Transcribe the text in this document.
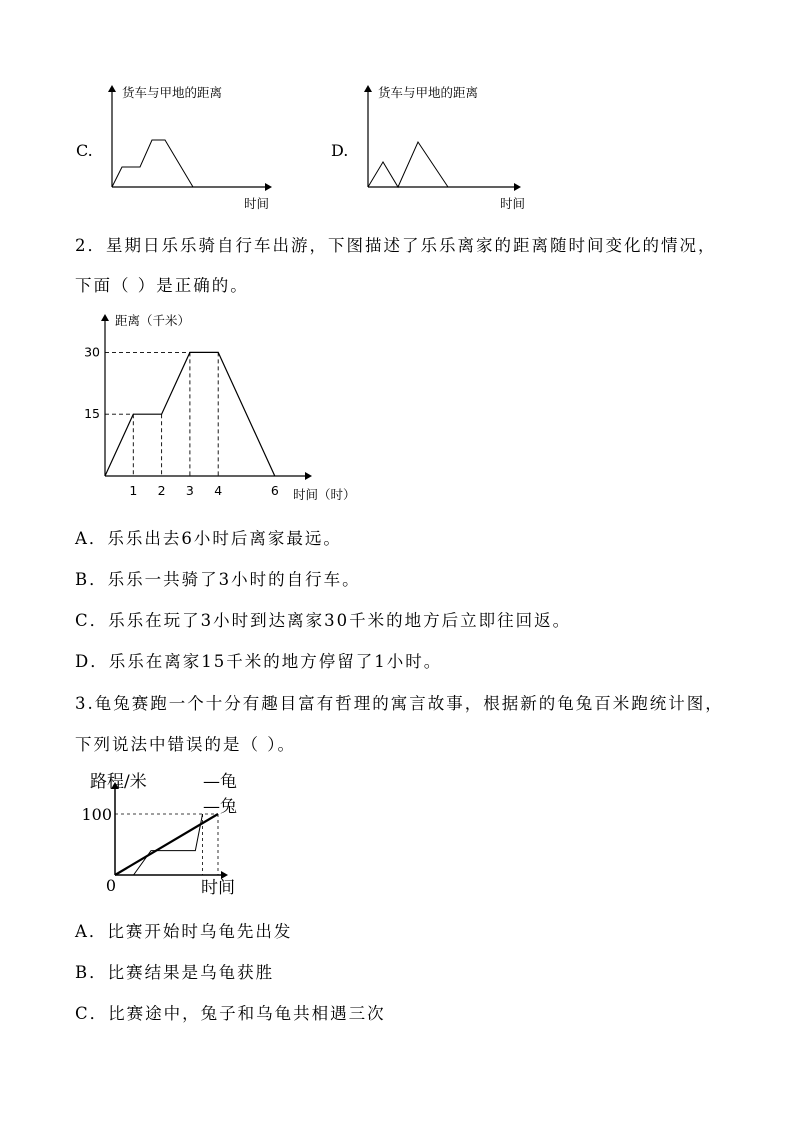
C.
货车与甲地的距离
时间
D.
货车与甲地的距离
时间
2．星期日乐乐骑自行车出游，下图描述了乐乐离家的距离随时间变化的情况，
下面（ ）是正确的。
1 2 3 4	6
15
30
距离（千米）
时间（时）
A．乐乐出去6小时后离家最远。
B．乐乐一共骑了3小时的自行车。
C．乐乐在玩了3小时到达离家30千米的地方后立即往回返。
D．乐乐在离家15千米的地方停留了1小时。
3.龟兔赛跑一个十分有趣目富有哲理的寓言故事，根据新的龟兔百米跑统计图，
下列说法中错误的是（ ）。
100
0
路程/米
时间
—龟
—兔
A．比赛开始时乌龟先出发
B．比赛结果是乌龟获胜
C．比赛途中，兔子和乌龟共相遇三次
